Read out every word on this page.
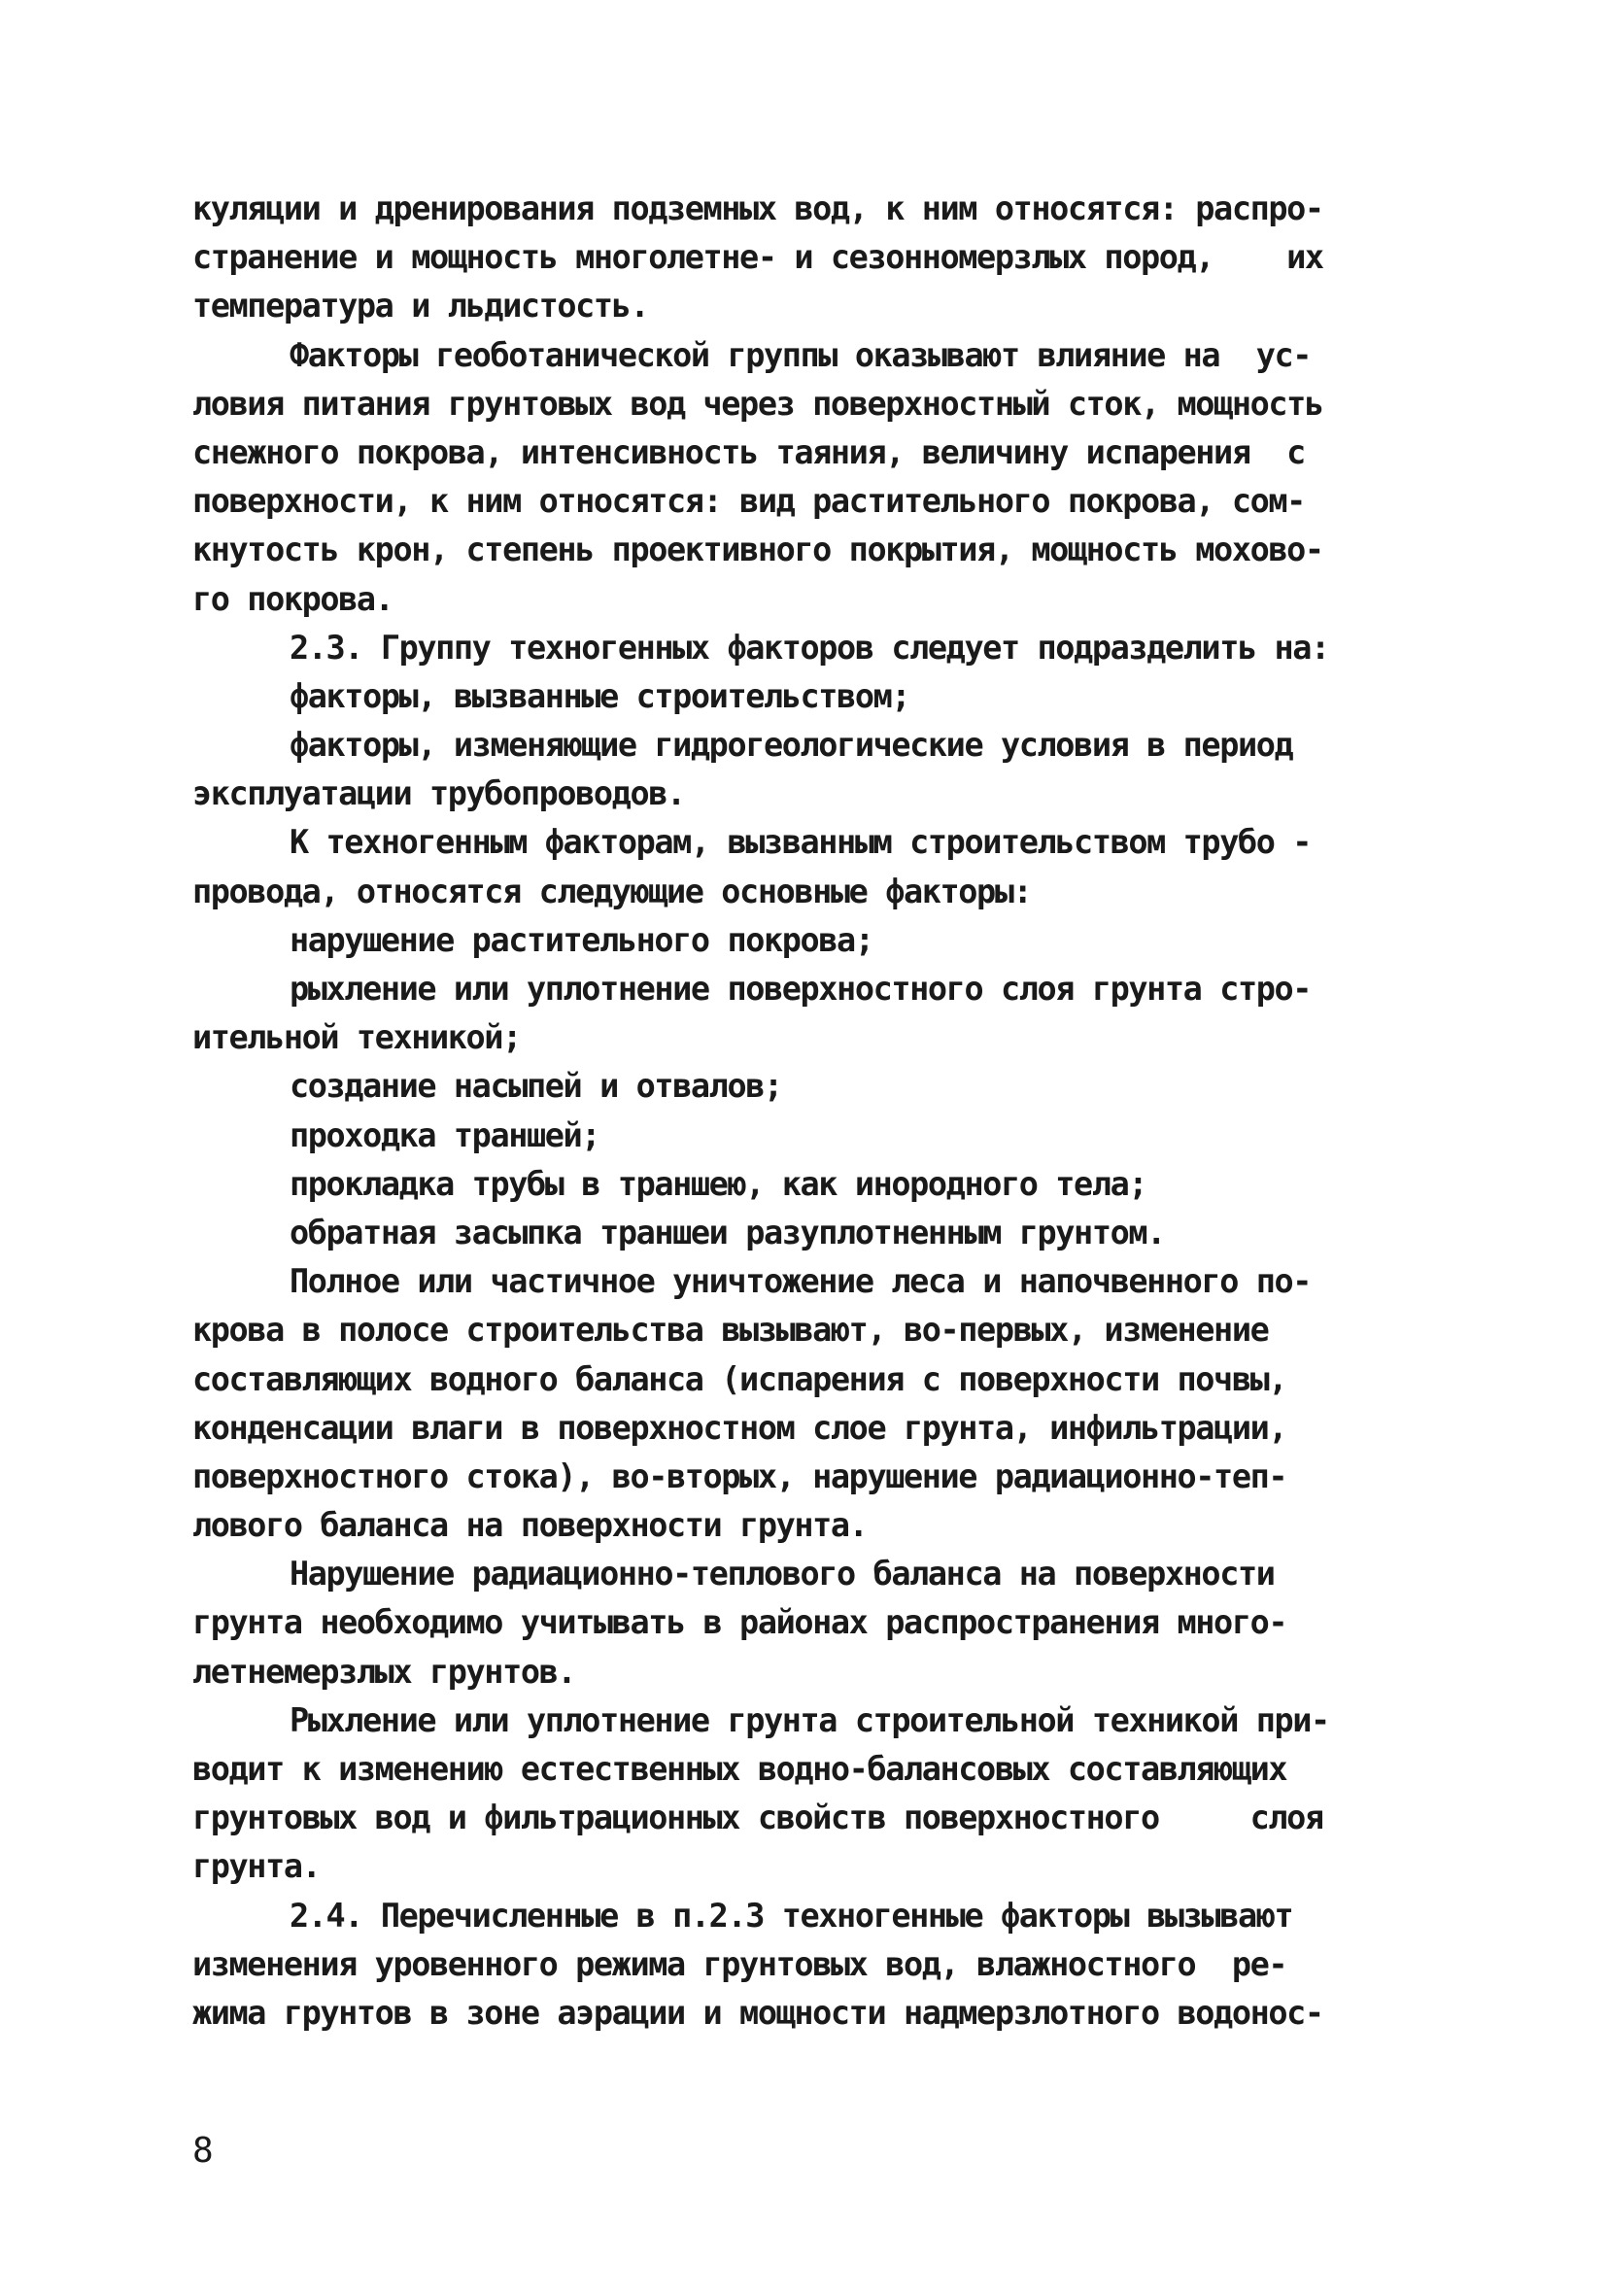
куляции и дренирования подземных вод, к ним относятся: распро-
странение и мощность многолетне- и сезонномерзлых пород,    их
температура и льдистость.
Факторы геоботанической группы оказывают влияние на  ус-
ловия питания грунтовых вод через поверхностный сток, мощность
снежного покрова, интенсивность таяния, величину испарения  с
поверхности, к ним относятся: вид растительного покрова, сом-
кнутость крон, степень проективного покрытия, мощность мохово-
го покрова.
2.3. Группу техногенных факторов следует подразделить на:
факторы, вызванные строительством;
факторы, изменяющие гидрогеологические условия в период
эксплуатации трубопроводов.
К техногенным факторам, вызванным строительством трубо -
провода, относятся следующие основные факторы:
нарушение растительного покрова;
рыхление или уплотнение поверхностного слоя грунта стро-
ительной техникой;
создание насыпей и отвалов;
проходка траншей;
прокладка трубы в траншею, как инородного тела;
обратная засыпка траншеи разуплотненным грунтом.
Полное или частичное уничтожение леса и напочвенного по-
крова в полосе строительства вызывают, во-первых, изменение
составляющих водного баланса (испарения с поверхности почвы,
конденсации влаги в поверхностном слое грунта, инфильтрации,
поверхностного стока), во-вторых, нарушение радиационно-теп-
лового баланса на поверхности грунта.
Нарушение радиационно-теплового баланса на поверхности
грунта необходимо учитывать в районах распространения много-
летнемерзлых грунтов.
Рыхление или уплотнение грунта строительной техникой при-
водит к изменению естественных водно-балансовых составляющих
грунтовых вод и фильтрационных свойств поверхностного     слоя
грунта.
2.4. Перечисленные в п.2.3 техногенные факторы вызывают
изменения уровенного режима грунтовых вод, влажностного  ре-
жима грунтов в зоне аэрации и мощности надмерзлотного водонос-
8
